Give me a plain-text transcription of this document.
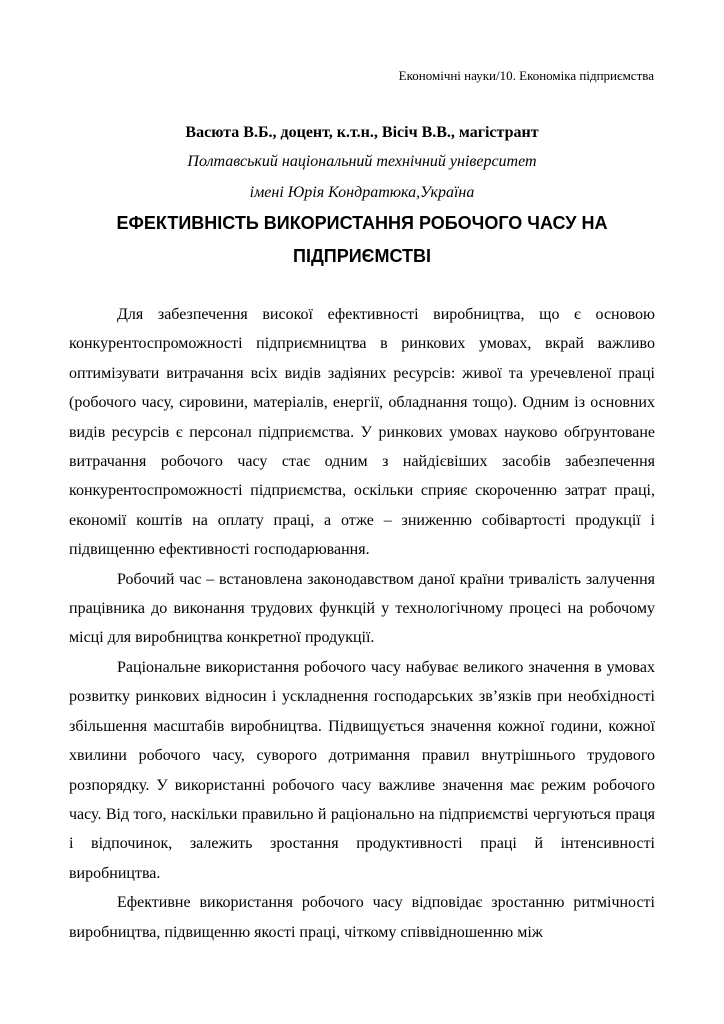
Економічні науки/10. Економіка підприємства
Васюта В.Б., доцент, к.т.н., Вісіч В.В., магістрант
Полтавський національний технічний університет
імені Юрія Кондратюка,Україна
ЕФЕКТИВНІСТЬ ВИКОРИСТАННЯ РОБОЧОГО ЧАСУ НА
ПІДПРИЄМСТВІ

Для забезпечення високої ефективності виробництва, що є основою конкурентоспроможності підприємництва в ринкових умовах, вкрай важливо оптимізувати витрачання всіх видів задіяних ресурсів: живої та уречевленої праці (робочого часу, сировини, матеріалів, енергії, обладнання тощо). Одним із основних видів ресурсів є персонал підприємства. У ринкових умовах науково обґрунтоване витрачання робочого часу стає одним з найдієвіших засобів забезпечення конкурентоспроможності підприємства, оскільки сприяє скороченню затрат праці, економії коштів на оплату праці, а отже – зниженню собівартості продукції і підвищенню ефективності господарювання.

Робочий час – встановлена законодавством даної країни тривалість залучення працівника до виконання трудових функцій у технологічному процесі на робочому місці для виробництва конкретної продукції.

Раціональне використання робочого часу набуває великого значення в умовах розвитку ринкових відносин і ускладнення господарських зв’язків при необхідності збільшення масштабів виробництва. Підвищується значення кожної години, кожної хвилини робочого часу, суворого дотримання правил внутрішнього трудового розпорядку. У використанні робочого часу важливе значення має режим робочого часу. Від того, наскільки правильно й раціонально на підприємстві чергуються праця і відпочинок, залежить зростання продуктивності праці й інтенсивності виробництва.

Ефективне використання робочого часу відповідає зростанню ритмічності виробництва, підвищенню якості праці, чіткому співвідношенню між
